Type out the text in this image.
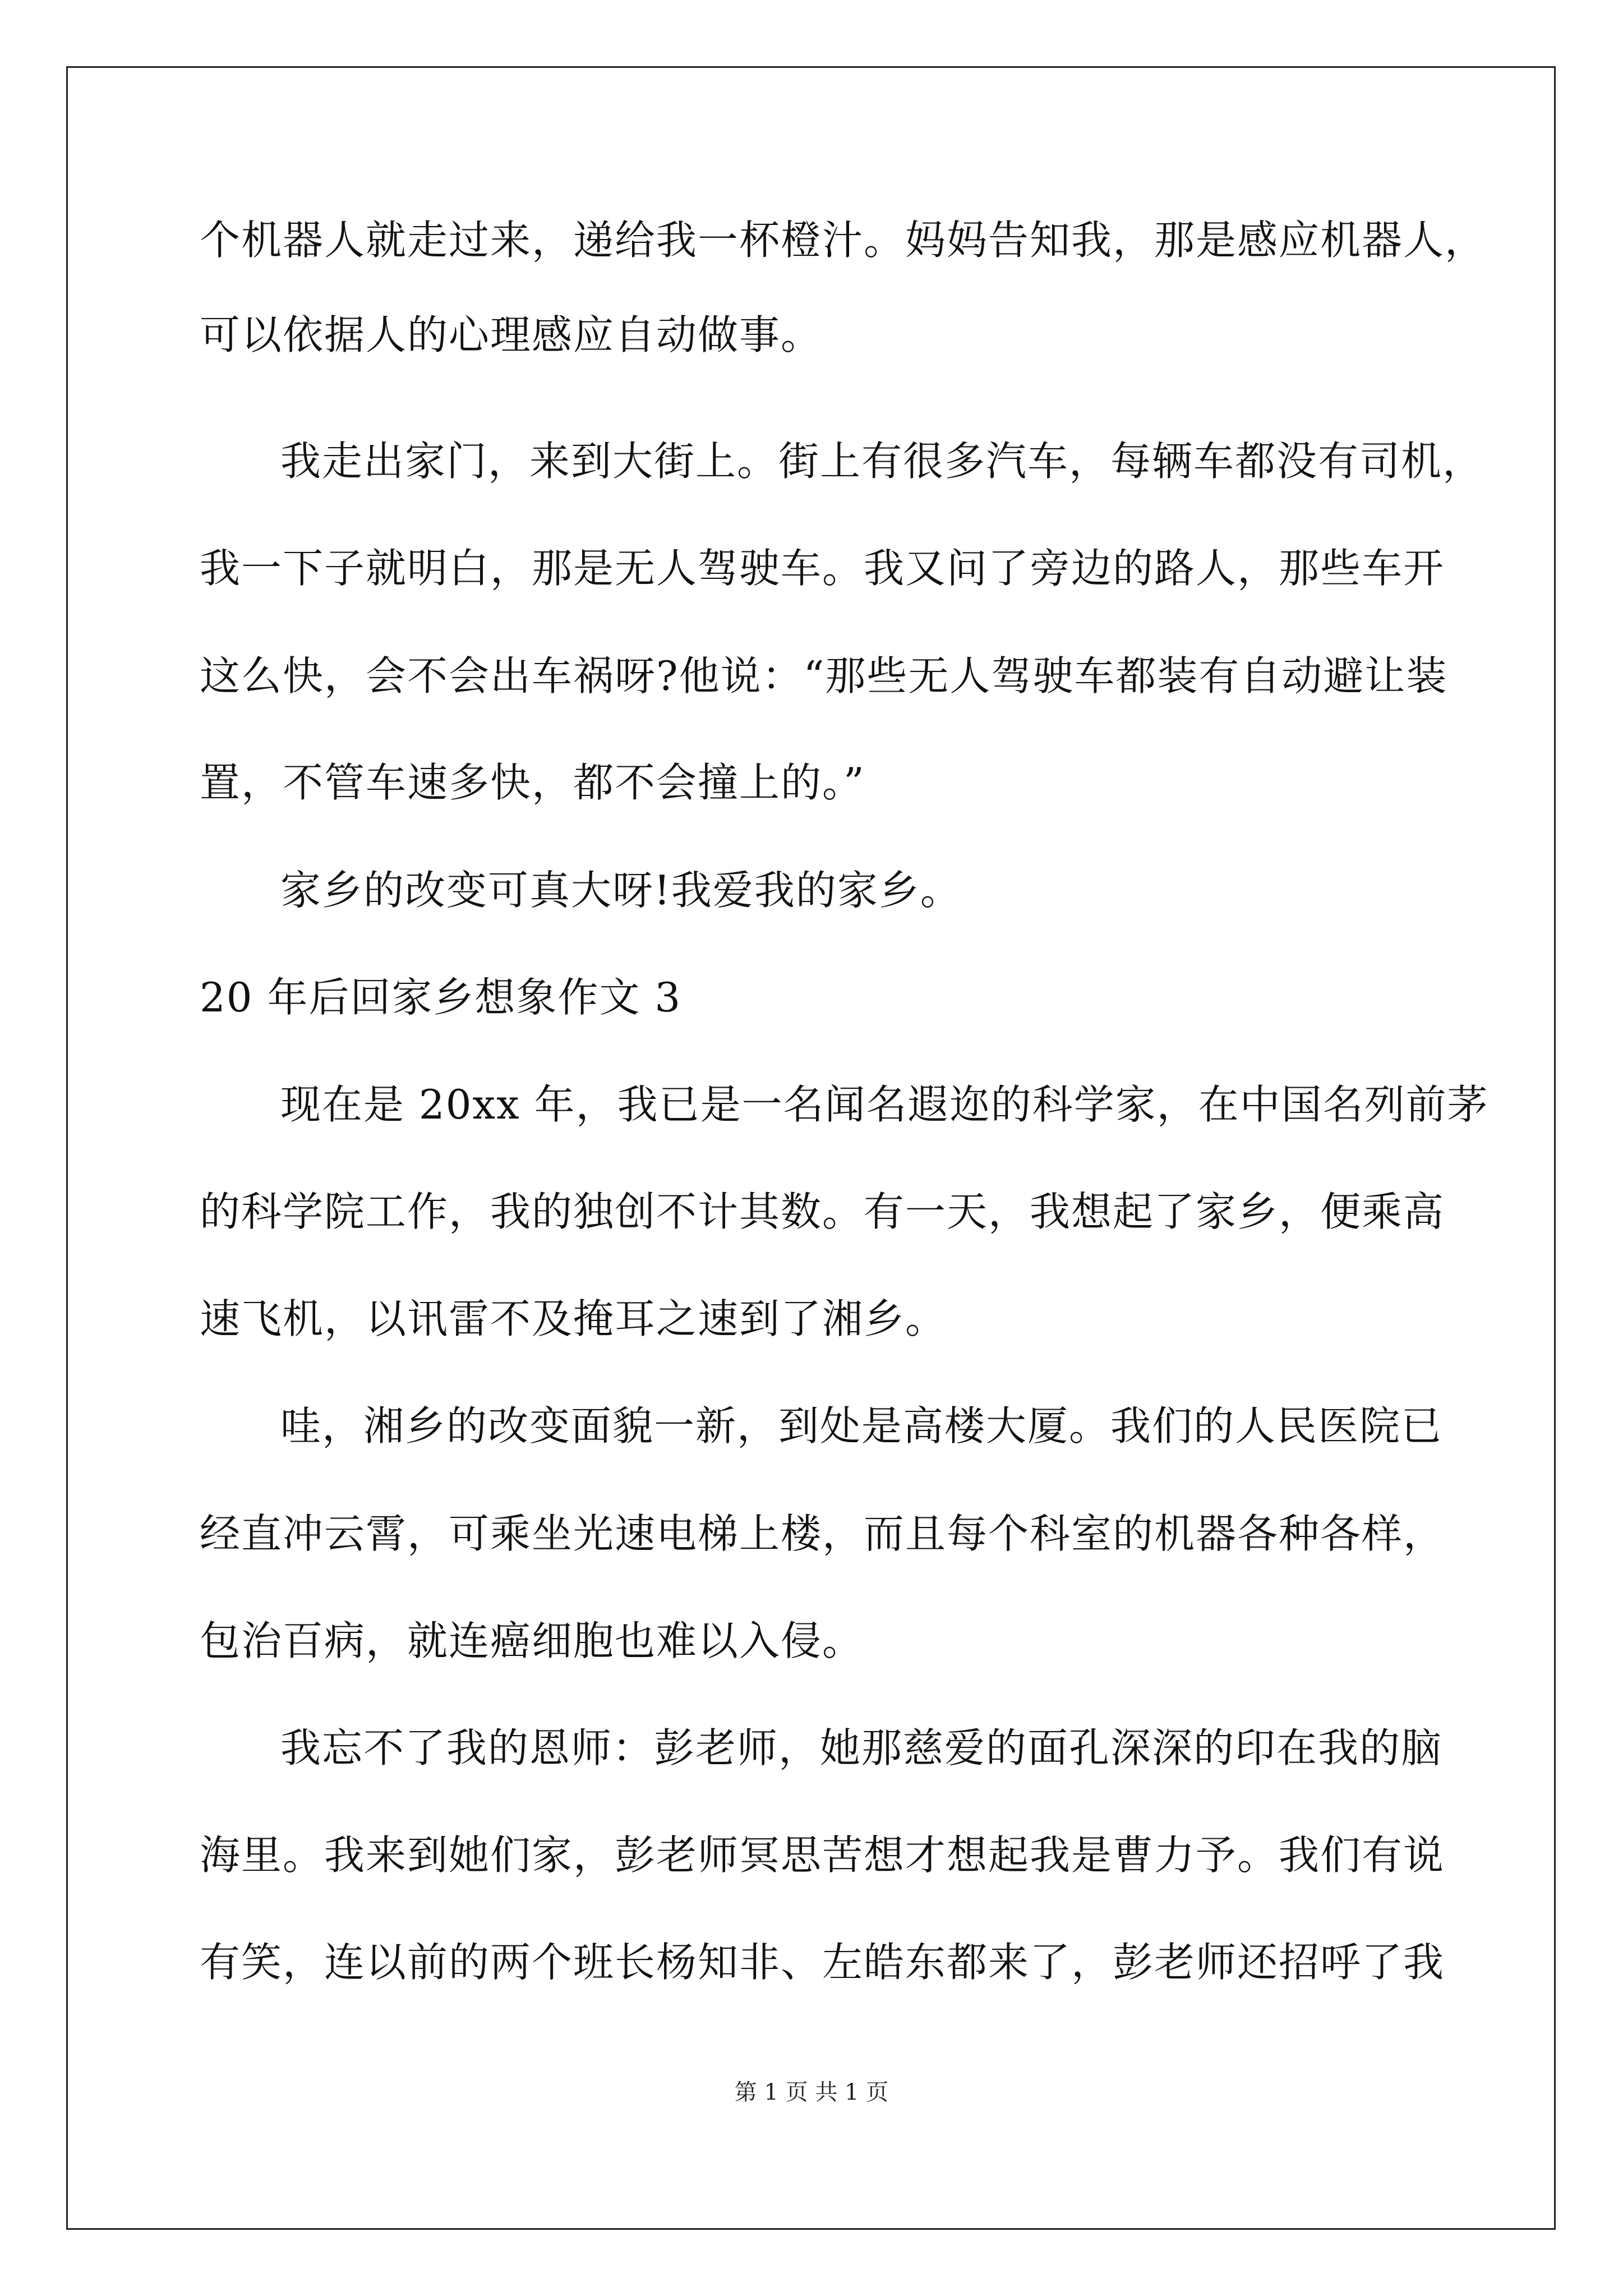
个机器人就走过来，递给我一杯橙汁。妈妈告知我，那是感应机器人，
可以依据人的心理感应自动做事。
我走出家门，来到大街上。街上有很多汽车，每辆车都没有司机，
我一下子就明白，那是无人驾驶车。我又问了旁边的路人，那些车开
这么快，会不会出车祸呀?他说：“那些无人驾驶车都装有自动避让装
置，不管车速多快，都不会撞上的。”
家乡的改变可真大呀!我爱我的家乡。
20 年后回家乡想象作文 3
现在是 20xx 年，我已是一名闻名遐迩的科学家，在中国名列前茅
的科学院工作，我的独创不计其数。有一天，我想起了家乡，便乘高
速飞机，以讯雷不及掩耳之速到了湘乡。
哇，湘乡的改变面貌一新，到处是高楼大厦。我们的人民医院已
经直冲云霄，可乘坐光速电梯上楼，而且每个科室的机器各种各样，
包治百病，就连癌细胞也难以入侵。
我忘不了我的恩师：彭老师，她那慈爱的面孔深深的印在我的脑
海里。我来到她们家，彭老师冥思苦想才想起我是曹力予。我们有说
有笑，连以前的两个班长杨知非、左皓东都来了，彭老师还招呼了我
第 1 页 共 1 页
